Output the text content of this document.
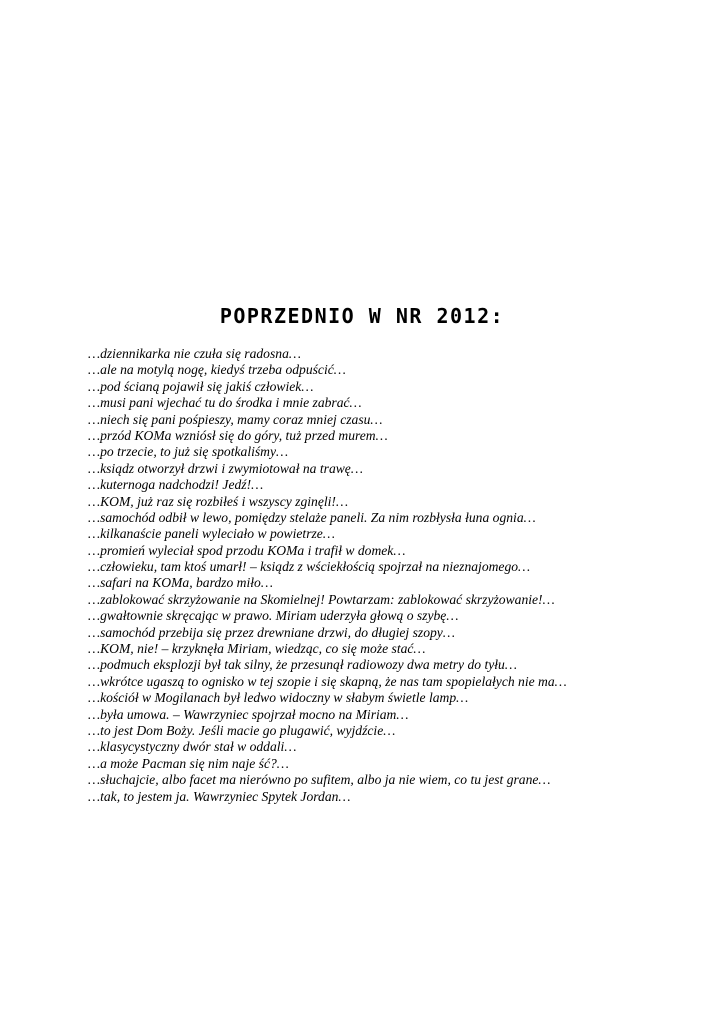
POPRZEDNIO W NR 2012:
…dziennikarka nie czuła się radosna…
…ale na motylą nogę, kiedyś trzeba odpuścić…
…pod ścianą pojawił się jakiś człowiek…
…musi pani wjechać tu do środka i mnie zabrać…
…niech się pani pośpieszy, mamy coraz mniej czasu…
…przód KOMa wzniósł się do góry, tuż przed murem…
…po trzecie, to już się spotkaliśmy…
…ksiądz otworzył drzwi i zwymiotował na trawę…
…kuternoga nadchodzi! Jedź!…
…KOM, już raz się rozbiłeś i wszyscy zginęli!…
…samochód odbił w lewo, pomiędzy stelaże paneli. Za nim rozbłysła łuna ognia…
…kilkanaście paneli wyleciało w powietrze…
…promień wyleciał spod przodu KOMa i trafił w domek…
…człowieku, tam ktoś umarł! – ksiądz z wściekłością spojrzał na nieznajomego…
…safari na KOMa, bardzo miło…
…zablokować skrzyżowanie na Skomielnej! Powtarzam: zablokować skrzyżowanie!…
…gwałtownie skręcając w prawo. Miriam uderzyła głową o szybę…
…samochód przebija się przez drewniane drzwi, do długiej szopy…
…KOM, nie! – krzyknęła Miriam, wiedząc, co się może stać…
…podmuch eksplozji był tak silny, że przesunął radiowozy dwa metry do tyłu…
…wkrótce ugaszą to ognisko w tej szopie i się skapną, że nas tam spopielałych nie ma…
…kościół w Mogilanach był ledwo widoczny w słabym świetle lamp…
…była umowa. – Wawrzyniec spojrzał mocno na Miriam…
…to jest Dom Boży. Jeśli macie go plugawić, wyjdźcie…
…klasycystyczny dwór stał w oddali…
…a może Pacman się nim naje ść?…
…słuchajcie, albo facet ma nierówno po sufitem, albo ja nie wiem, co tu jest grane…
…tak, to jestem ja. Wawrzyniec Spytek Jordan…
